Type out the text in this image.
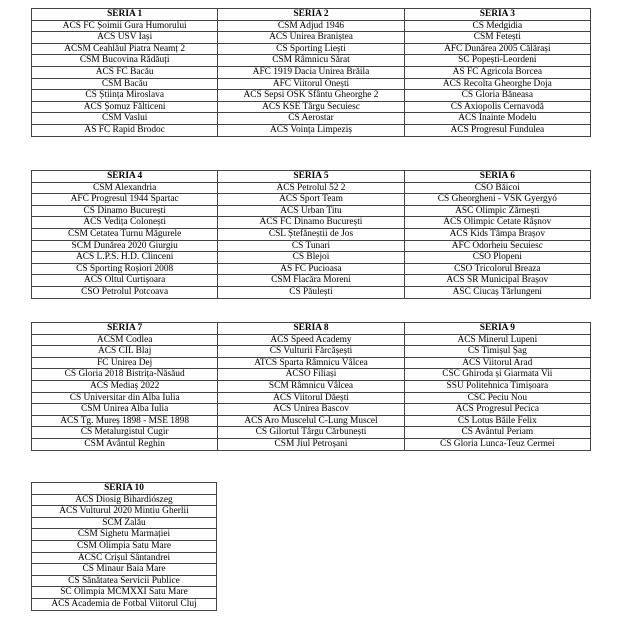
SERIA 1	SERIA 2	SERIA 3
ACS FC Șoimii Gura Humorului	CSM Adjud 1946	CS Medgidia
ACS USV Iași	ACS Unirea Braniștea	CSM Fetești
ACSM Ceahlăul Piatra Neamț 2	CS Sporting Liești	AFC Dunărea 2005 Călărași
CSM Bucovina Rădăuți	CSM Râmnicu Sărat	SC Popești-Leordeni
ACS FC Bacău	AFC 1919 Dacia Unirea Brăila	AS FC Agricola Borcea
CSM Bacău	AFC Viitorul Onești	ACS Recolta Gheorghe Doja
CS Știința Miroslava	ACS Sepsi OSK Sfântu Gheorghe 2	CS Gloria Băneasa
ACS Șomuz Fălticeni	ACS KSE Târgu Secuiesc	CS Axiopolis Cernavodă
CSM Vaslui	CS Aerostar	ACS Înainte Modelu
AS FC Rapid Brodoc	ACS Voința Limpeziș	ACS Progresul Fundulea
SERIA 4	SERIA 5	SERIA 6
CSM Alexandria	ACS Petrolul 52 2	CSO Băicoi
AFC Progresul 1944 Spartac	ACS Sport Team	CS Gheorgheni - VSK Gyergyó
CS Dinamo București	ACS Urban Titu	ASC Olimpic Zărnești
ACS Vedița Colonești	ACS FC Dinamo București	ACS Olimpic Cetate Râșnov
CSM Cetatea Turnu Măgurele	CSL Ștefăneștii de Jos	ACS Kids Tâmpa Brașov
SCM Dunărea 2020 Giurgiu	CS Tunari	AFC Odorheiu Secuiesc
ACS L.P.S. H.D. Clinceni	CS Blejoi	CSO Plopeni
CS Sporting Roșiori 2008	AS FC Pucioasa	CSO Tricolorul Breaza
ACS Oltul Curtișoara	CSM Flacăra Moreni	ACS SR Municipal Brașov
CSO Petrolul Potcoava	CS Păulești	ASC Ciucaș Tărlungeni
SERIA 7	SERIA 8	SERIA 9
ACSM Codlea	ACS Speed Academy	ACS Minerul Lupeni
ACS CIL Blaj	CS Vulturii Fărcășești	CS Timișul Șag
FC Unirea Dej	ATCS Sparta Râmnicu Vâlcea	ACS Viitorul Arad
CS Gloria 2018 Bistrița-Năsăud	ACSO Filiași	CSC Ghiroda și Giarmata Vii
ACS Mediaș 2022	SCM Râmnicu Vâlcea	SSU Politehnica Timișoara
CS Universitar din Alba Iulia	ACS Viitorul Dăești	CSC Peciu Nou
CSM Unirea Alba Iulia	ACS Unirea Bascov	ACS Progresul Pecica
ACS Tg. Mureș 1898 - MSE 1898	ACS Aro Muscelul C-Lung Muscel	CS Lotus Băile Felix
CS Metalurgistul Cugir	CS Gilortul Târgu Cărbunești	CS Avântul Periam
CSM Avântul Reghin	CSM Jiul Petroșani	CS Gloria Lunca-Teuz Cermei
SERIA 10
ACS Diosig Bihardiószeg
ACS Vulturul 2020 Mintiu Gherlii
SCM Zalău
CSM Sighetu Marmației
CSM Olimpia Satu Mare
ACSC Crișul Sântandrei
CS Minaur Baia Mare
CS Sănătatea Servicii Publice
SC Olimpia MCMXXI Satu Mare
ACS Academia de Fotbal Viitorul Cluj
